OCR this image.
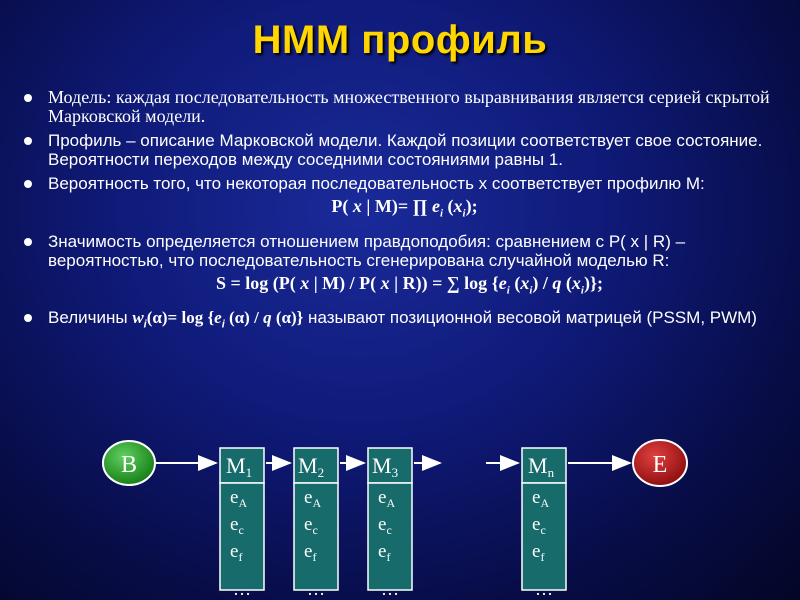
HMM профиль
Модель: каждая последовательность множественного выравнивания является серией скрытой Марковской модели.
Профиль – описание Марковской модели. Каждой позиции соответствует свое состояние. Вероятности переходов между соседними состояниями равны 1.
Вероятность того, что некоторая последовательность x соответствует профилю M:
P( x | M)= ∏ $e_i$ $(x_i)$;
Значимость определяется отношением правдоподобия: сравнением с P( x | R) – вероятностью, что последовательность сгенерирована случайной моделью R:
S = log (P( x | M) / P( x | R)) = ∑ $\log \{e_i$ $(x_i)$ / q $(x_i)$};
Величины $w_i(\alpha)= \log \{e_i$ (α) / q (α)} называют позиционной весовой матрицей (PSSM, PWM)
B	E
M1 M2 M3	Mn
$e_A$
$e_c$
$e_f$
…
$e_A$
$e_c$
$e_f$
…
$e_A$
$e_c$
$e_f$
…
$e_A$
$e_c$
$e_f$
…
